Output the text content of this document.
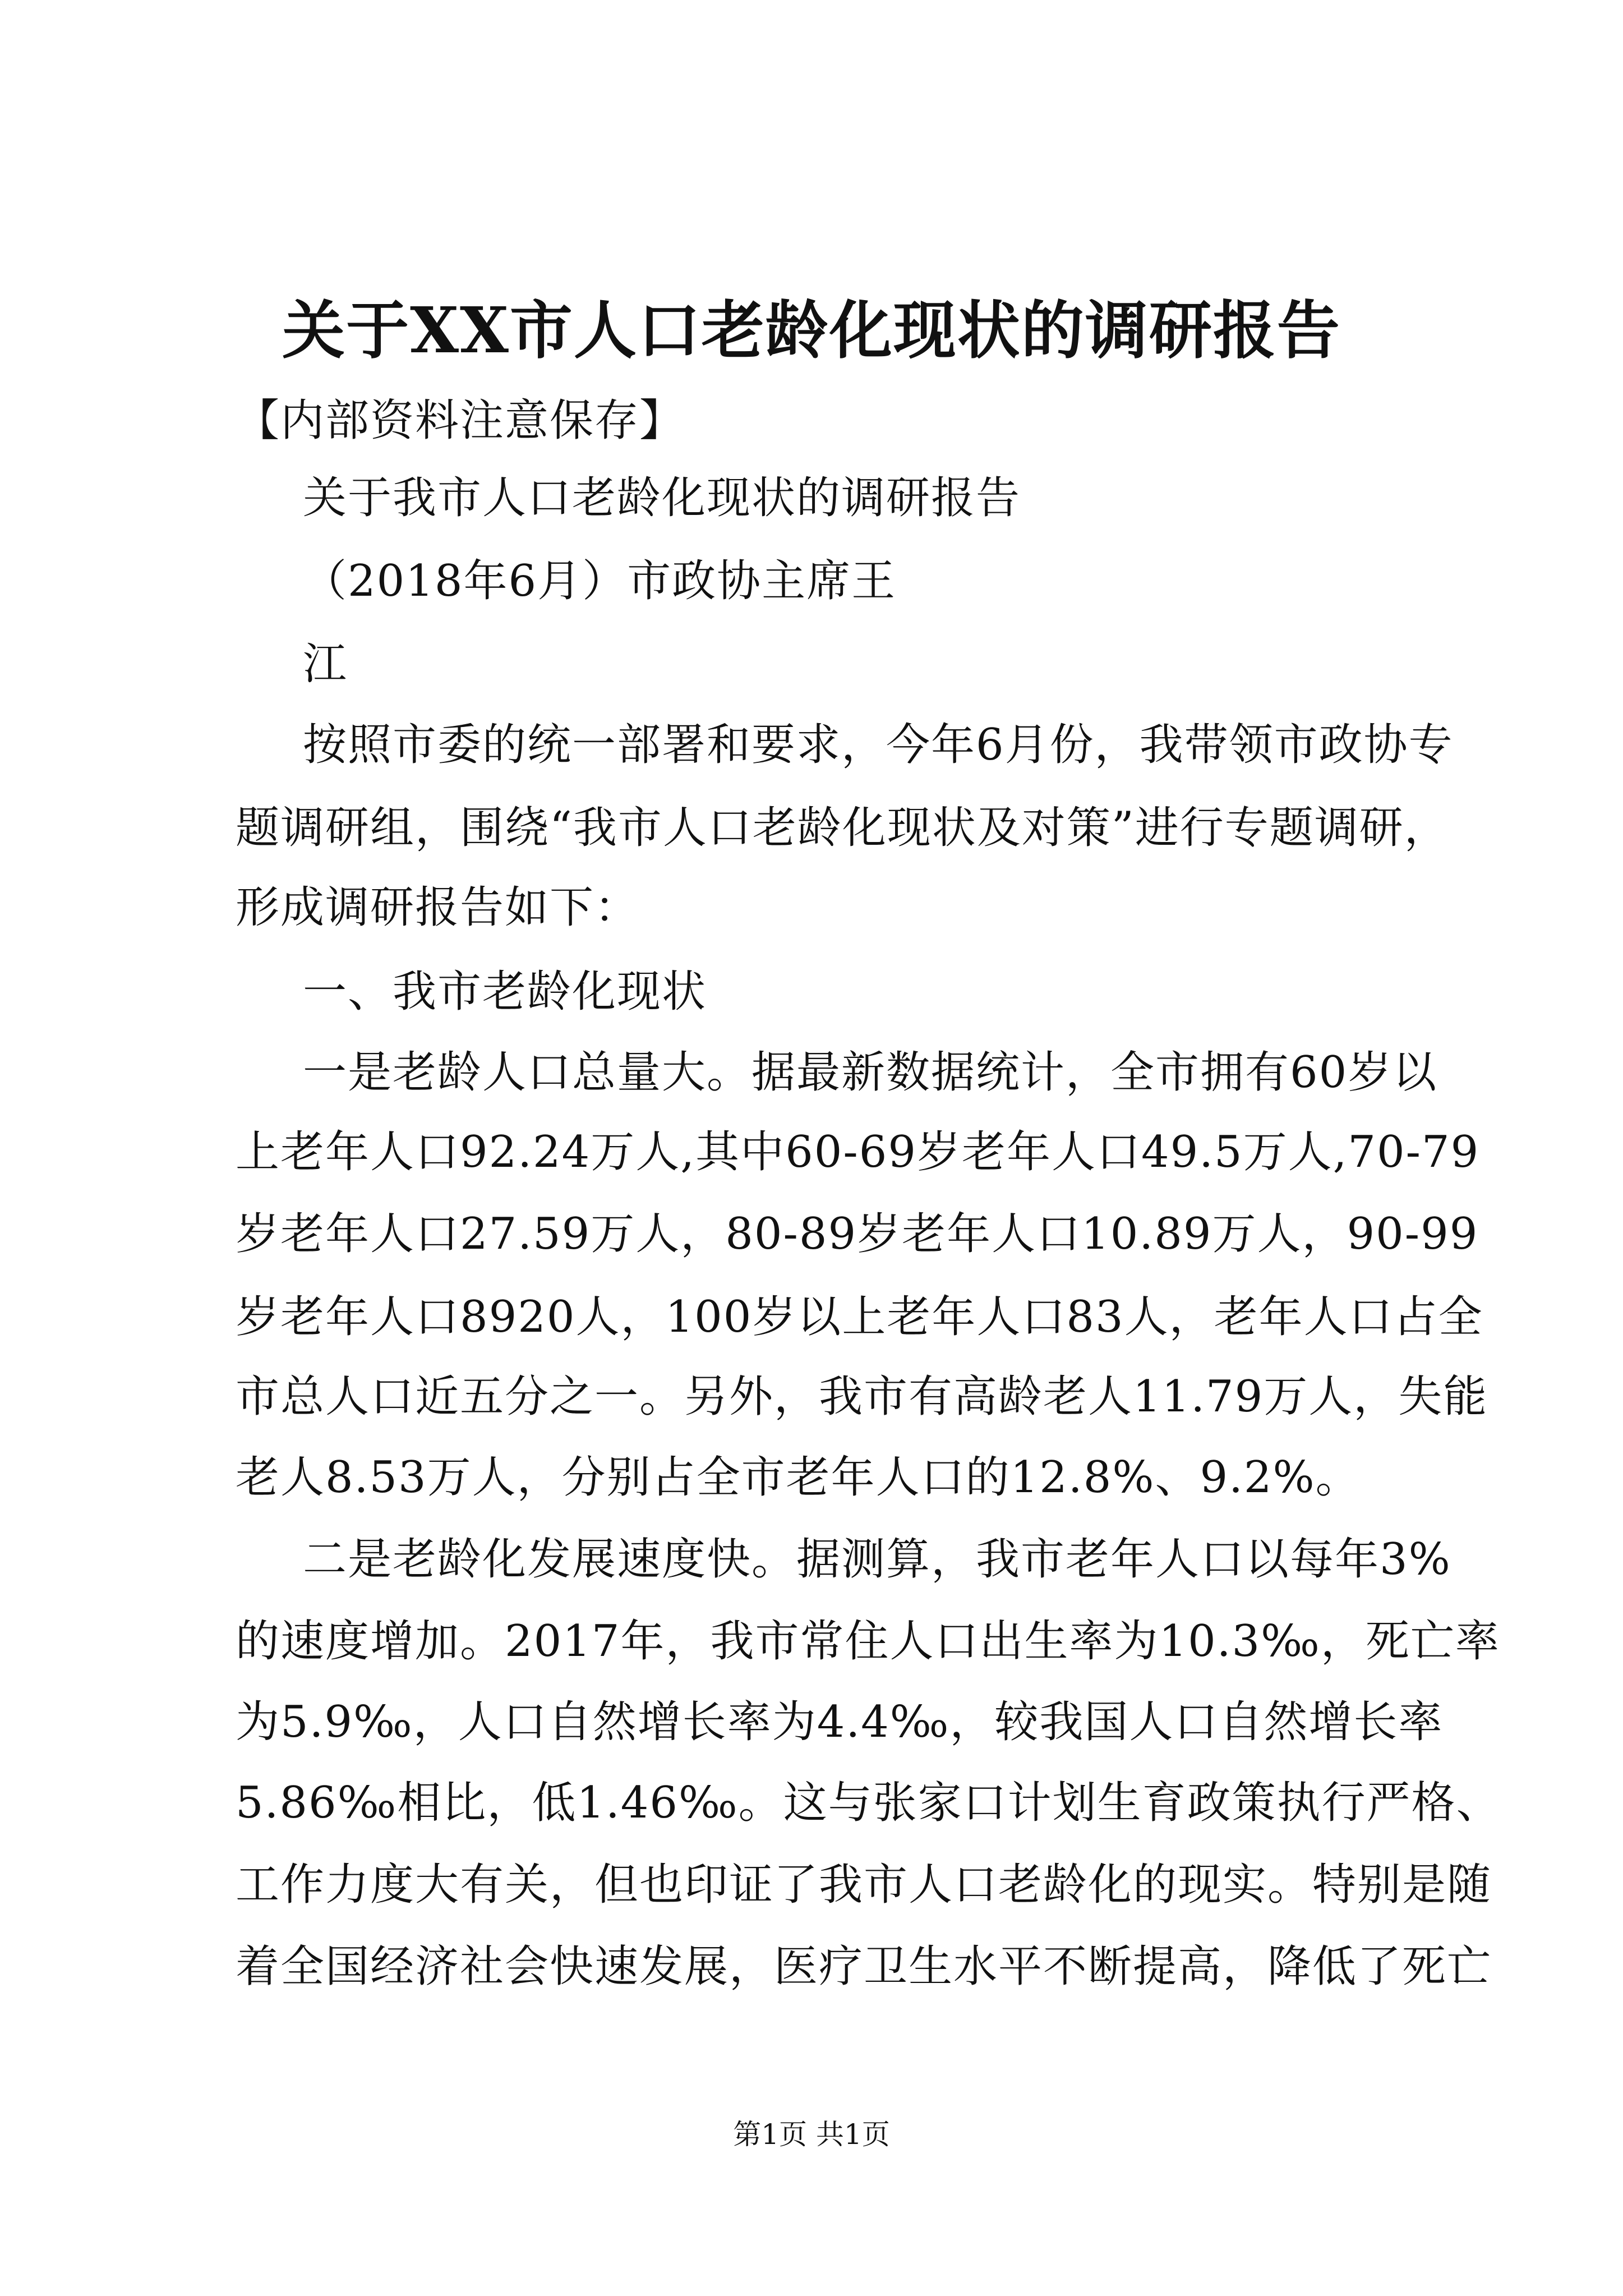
关于XX市人口老龄化现状的调研报告
【内部资料注意保存】
关于我市人口老龄化现状的调研报告
（2018年6月）市政协主席王
江
按照市委的统一部署和要求，今年6月份，我带领市政协专
题调研组，围绕“我市人口老龄化现状及对策”进行专题调研，
形成调研报告如下：
一、我市老龄化现状
一是老龄人口总量大。据最新数据统计，全市拥有60岁以
上老年人口92.24万人,其中60-69岁老年人口49.5万人,70-79
岁老年人口27.59万人，80-89岁老年人口10.89万人，90-99
岁老年人口8920人，100岁以上老年人口83人，老年人口占全
市总人口近五分之一。另外，我市有高龄老人11.79万人，失能
老人8.53万人，分别占全市老年人口的12.8%、9.2%。
二是老龄化发展速度快。据测算，我市老年人口以每年3%
的速度增加。2017年，我市常住人口出生率为10.3‰，死亡率
为5.9‰，人口自然增长率为4.4‰，较我国人口自然增长率
5.86‰相比，低1.46‰。这与张家口计划生育政策执行严格、
工作力度大有关，但也印证了我市人口老龄化的现实。特别是随
着全国经济社会快速发展，医疗卫生水平不断提高，降低了死亡
第1页 共1页
